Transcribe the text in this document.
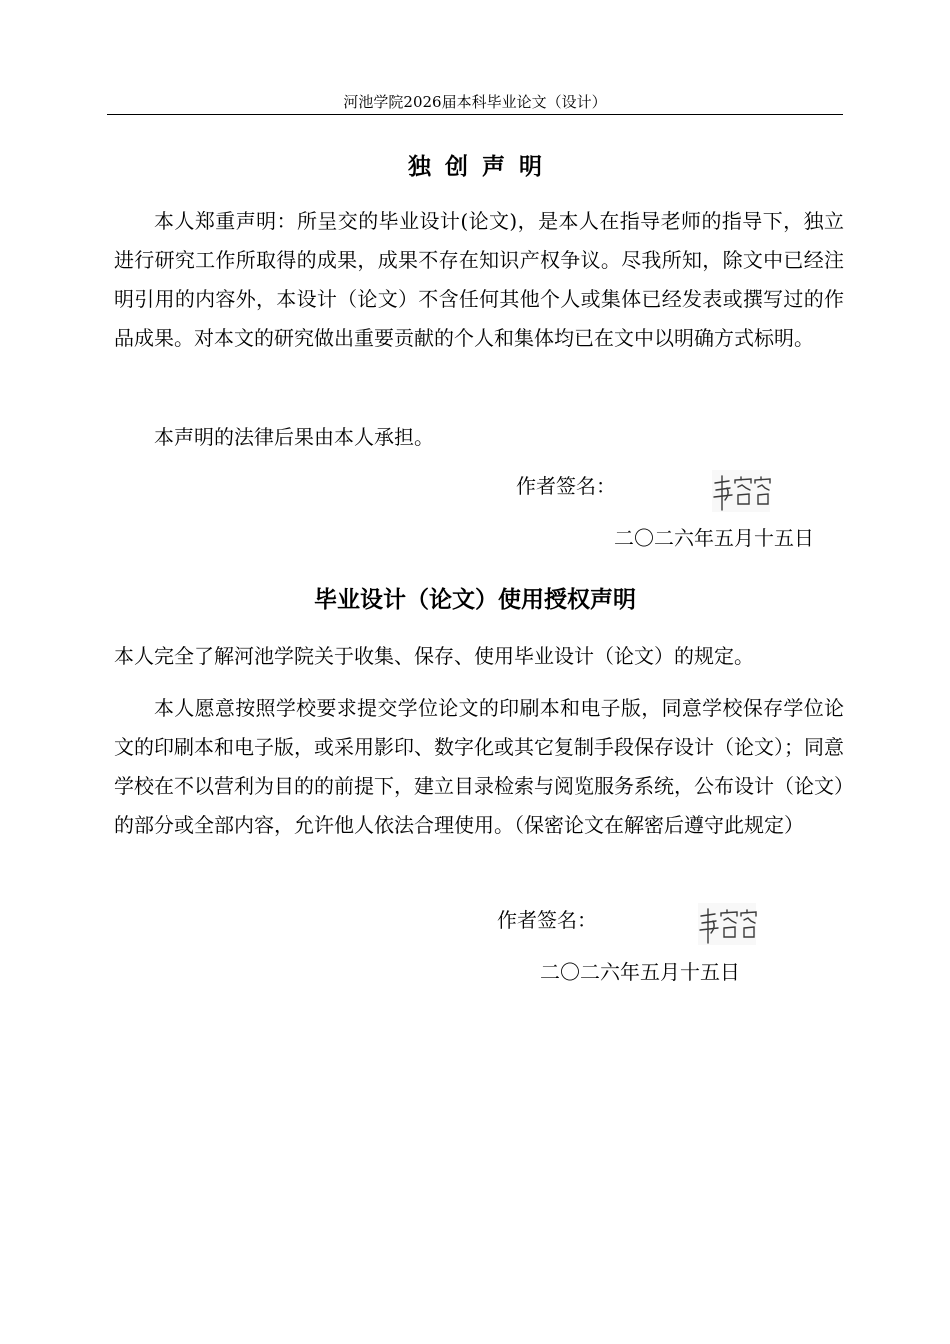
河池学院2026届本科毕业论文（设计）
独创声明
本人郑重声明：所呈交的毕业设计(论文)，是本人在指导老师的指导下，独立进行研究工作所取得的成果，成果不存在知识产权争议。尽我所知，除文中已经注明引用的内容外，本设计（论文）不含任何其他个人或集体已经发表或撰写过的作品成果。对本文的研究做出重要贡献的个人和集体均已在文中以明确方式标明。
本声明的法律后果由本人承担。
作者签名：
二〇二六年五月十五日
毕业设计（论文）使用授权声明
本人完全了解河池学院关于收集、保存、使用毕业设计（论文）的规定。
本人愿意按照学校要求提交学位论文的印刷本和电子版，同意学校保存学位论文的印刷本和电子版，或采用影印、数字化或其它复制手段保存设计（论文）；同意学校在不以营利为目的的前提下，建立目录检索与阅览服务系统，公布设计（论文）的部分或全部内容，允许他人依法合理使用。（保密论文在解密后遵守此规定）
作者签名：
二〇二六年五月十五日
